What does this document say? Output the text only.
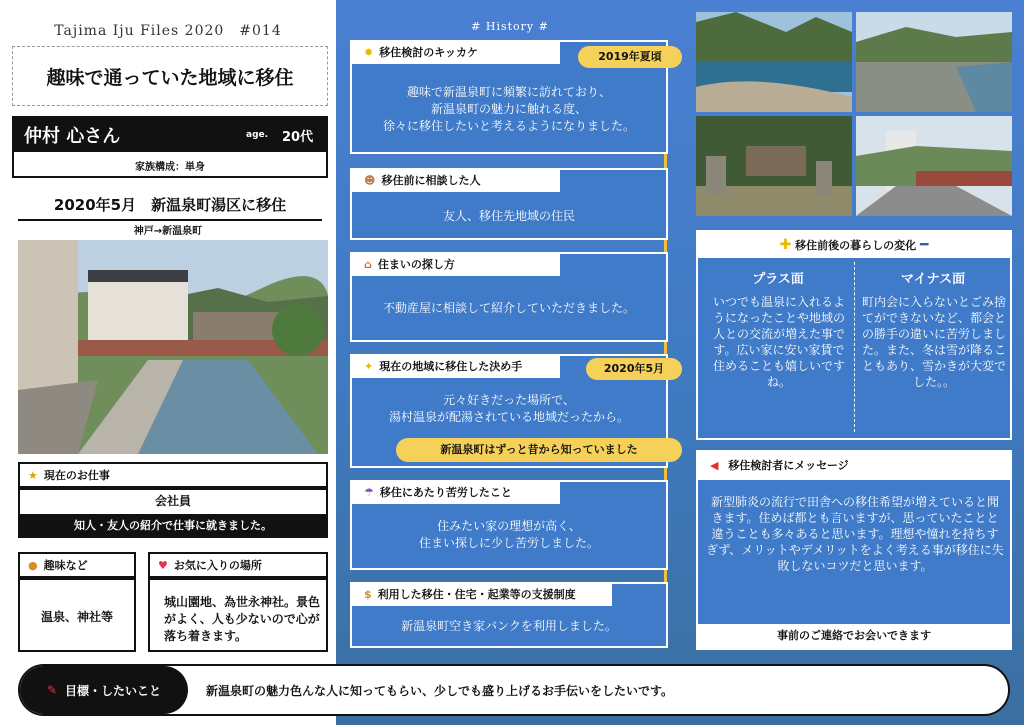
Tajima Iju Files 2020　#014
趣味で通っていた地域に移住
仲村 心さん	age. 20代
家族構成：単身
2020年5月　新温泉町湯区に移住
神戸→新温泉町
★ 現在のお仕事
会社員
知人・友人の紹介で仕事に就きました。
● 趣味など
温泉、神社等
♥ お気に入りの場所
城山園地、為世永神社。景色がよく、人も少ないので心が落ち着きます。
# History #
✹ 移住検討のキッカケ
趣味で新温泉町に頻繁に訪れており、
新温泉町の魅力に触れる度、
徐々に移住したいと考えるようになりました。
2019年夏頃
☻ 移住前に相談した人
友人、移住先地域の住民
⌂ 住まいの探し方
不動産屋に相談して紹介していただきました。
✦ 現在の地域に移住した決め手
元々好きだった場所で、
湯村温泉が配湯されている地域だったから。
2020年5月
新温泉町はずっと昔から知っていました
☂ 移住にあたり苦労したこと
住みたい家の理想が高く、
住まい探しに少し苦労しました。
$ 利用した移住・住宅・起業等の支援制度
新温泉町空き家バンクを利用しました。
✚ 移住前後の暮らしの変化 ━
プラス面	マイナス面
いつでも温泉に入れるようになったことや地域の人との交流が増えた事です。広い家に安い家賃で住めることも嬉しいですね。
町内会に入らないとごみ捨てができないなど、都会との勝手の違いに苦労しました。また、冬は雪が降ることもあり、雪かきが大変でした。。
◀ 移住検討者にメッセージ
新型肺炎の流行で田舎への移住希望が増えていると聞きます。住めば都とも言いますが、思っていたことと違うことも多々あると思います。理想や憧れを持ちすぎず、メリットやデメリットをよく考える事が移住に失敗しないコツだと思います。
事前のご連絡でお会いできます
✎ 目標・したいこと	新温泉町の魅力色んな人に知ってもらい、少しでも盛り上げるお手伝いをしたいです。
